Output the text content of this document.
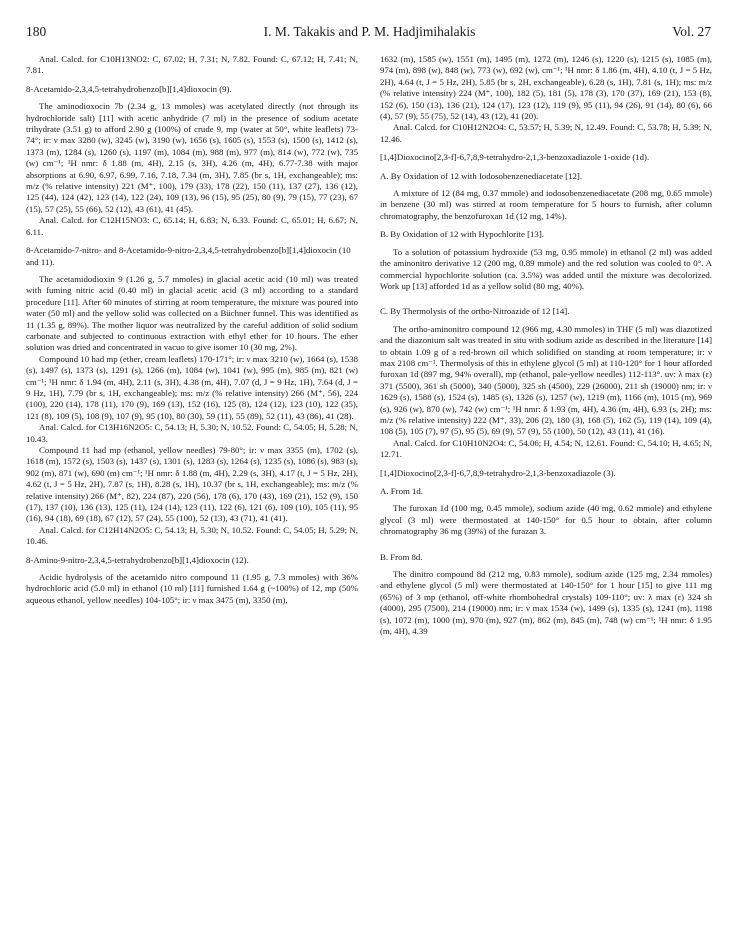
180	I. M. Takakis and P. M. Hadjimihalakis	Vol. 27

Anal. Calcd. for C10H13NO2: C, 67.02; H, 7.31; N, 7.82. Found: C, 67.12; H, 7.41; N, 7.81.

8-Acetamido-2,3,4,5-tetrahydrobenzo[b][1,4]dioxocin (9).

The aminodioxocin 7b (2.34 g, 13 mmoles) was acetylated directly (not through its hydrochloride salt) [11] with acetic anhydride (7 ml) in the presence of sodium acetate trihydrate (3.51 g) to afford 2.90 g (100%) of crude 9, mp (water at 50°, white leaflets) 73-74°; ir: ν max 3280 (w), 3245 (w), 3190 (w), 1656 (s), 1605 (s), 1553 (s), 1500 (s), 1412 (s), 1373 (m), 1284 (s), 1260 (s), 1197 (m), 1084 (m), 988 (m), 977 (m), 814 (w), 772 (w), 735 (w) cm⁻¹; ¹H nmr: δ 1.88 (m, 4H), 2.15 (s, 3H), 4.26 (m, 4H), 6.77-7.38 with major absorptions at 6.90, 6.97, 6.99, 7.16, 7.18, 7.34 (m, 3H), 7.85 (br s, 1H, exchangeable); ms: m/z (% relative intensity) 221 (M⁺, 100), 179 (33), 178 (22), 150 (11), 137 (27), 136 (12), 125 (44), 124 (42), 123 (14), 122 (24), 109 (13), 96 (15), 95 (25), 80 (9), 79 (15), 77 (23), 67 (15), 57 (25), 55 (66), 52 (12), 43 (61), 41 (45).

Anal. Calcd. for C12H15NO3: C, 65.14; H, 6.83; N, 6.33. Found: C, 65.01; H, 6.67; N, 6.11.

8-Acetamido-7-nitro- and 8-Acetamido-9-nitro-2,3,4,5-tetrahydrobenzo[b][1,4]dioxocin (10 and 11).

The acetamidodioxin 9 (1.26 g, 5.7 mmoles) in glacial acetic acid (10 ml) was treated with fuming nitric acid (0.40 ml) in glacial acetic acid (3 ml) according to a standard procedure [11]. After 60 minutes of stirring at room temperature, the mixture was poured into water (50 ml) and the yellow solid was collected on a Büchner funnel. This was identified as 11 (1.35 g, 89%). The mother liquor was neutralized by the careful addition of solid sodium carbonate and subjected to continuous extraction with ethyl ether for 10 hours. The ether solution was dried and concentrated in vacuo to give isomer 10 (30 mg, 2%).

Compound 10 had mp (ether, cream leaflets) 170-171°; ir: ν max 3210 (w), 1664 (s), 1538 (s), 1497 (s), 1373 (s), 1291 (s), 1266 (m), 1084 (w), 1041 (w), 995 (m), 985 (m), 821 (w) cm⁻¹; ¹H nmr: δ 1.94 (m, 4H), 2.11 (s, 3H), 4.38 (m, 4H), 7.07 (d, J = 9 Hz, 1H), 7.64 (d, J = 9 Hz, 1H), 7.79 (br s, 1H, exchangeable); ms: m/z (% relative intensity) 266 (M⁺, 56), 224 (100), 220 (14), 178 (11), 170 (9), 169 (13), 152 (16), 125 (8), 124 (12), 123 (10), 122 (35), 121 (8), 109 (5), 108 (9), 107 (9), 95 (10), 80 (30), 59 (11), 55 (89), 52 (11), 43 (86), 41 (28).

Anal. Calcd. for C13H16N2O5: C, 54.13; H, 5.30; N, 10.52. Found: C, 54.05; H, 5.28; N, 10.43.

Compound 11 had mp (ethanol, yellow needles) 79-80°; ir: ν max 3355 (m), 1702 (s), 1618 (m), 1572 (s), 1503 (s), 1437 (s), 1301 (s), 1283 (s), 1264 (s), 1235 (s), 1086 (s), 983 (s), 902 (m), 871 (w), 690 (m) cm⁻¹; ¹H nmr: δ 1.88 (m, 4H), 2.29 (s, 3H), 4.17 (t, J = 5 Hz, 2H), 4.62 (t, J = 5 Hz, 2H), 7.87 (s, 1H), 8.28 (s, 1H), 10.37 (br s, 1H, exchangeable); ms: m/z (% relative intensity) 266 (M⁺, 82), 224 (87), 220 (56), 178 (6), 170 (43), 169 (21), 152 (9), 150 (17), 137 (10), 136 (13), 125 (11), 124 (14), 123 (11), 122 (6), 121 (6), 109 (10), 105 (11), 95 (16), 94 (18), 69 (18), 67 (12), 57 (24), 55 (100), 52 (13), 43 (71), 41 (41).

Anal. Calcd. for C12H14N2O5: C, 54.13; H, 5.30; N, 10.52. Found: C, 54.05; H, 5.29; N, 10.46.

8-Amino-9-nitro-2,3,4,5-tetrahydrobenzo[b][1,4]dioxocin (12).

Acidic hydrolysis of the acetamido nitro compound 11 (1.95 g, 7.3 mmoles) with 36% hydrochloric acid (5.0 ml) in ethanol (10 ml) [11] furnished 1.64 g (~100%) of 12, mp (50% aqueous ethanol, yellow needles) 104-105°; ir: ν max 3475 (m), 3350 (m),

1632 (m), 1585 (w), 1551 (m), 1495 (m), 1272 (m), 1246 (s), 1220 (s), 1215 (s), 1085 (m), 974 (m), 898 (w), 848 (w), 773 (w), 692 (w), cm⁻¹; ¹H nmr: δ 1.86 (m, 4H), 4.10 (t, J = 5 Hz, 2H), 4.64 (t, J = 5 Hz, 2H), 5.85 (br s, 2H, exchangeable), 6.28 (s, 1H), 7.81 (s, 1H); ms: m/z (% relative intensity) 224 (M⁺, 100), 182 (5), 181 (5), 178 (3), 170 (37), 169 (21), 153 (8), 152 (6), 150 (13), 136 (21), 124 (17), 123 (12), 119 (9), 95 (11), 94 (26), 91 (14), 80 (6), 66 (4), 57 (9), 55 (75), 52 (14), 43 (12), 41 (20).

Anal. Calcd. for C10H12N2O4: C, 53.57; H, 5.39; N, 12.49. Found: C, 53.78; H, 5.39; N, 12.46.

[1,4]Dioxocino[2,3-f]-6,7,8,9-tetrahydro-2,1,3-benzoxadiazole 1-oxide (1d).

A. By Oxidation of 12 with Iodosobenzenediacetate [12].

A mixture of 12 (84 mg, 0.37 mmole) and iodosobenzenediacetate (208 mg, 0.65 mmole) in benzene (30 ml) was stirred at room temperature for 5 hours to furnish, after column chromatography, the benzofuroxan 1d (12 mg, 14%).

B. By Oxidation of 12 with Hypochlorite [13].

To a solution of potassium hydroxide (53 mg, 0.95 mmole) in ethanol (2 ml) was added the aminonitro derivative 12 (200 mg, 0.89 mmole) and the red solution was cooled to 0°. A commercial hypochlorite solution (ca. 3.5%) was added until the mixture was decolorized. Work up [13] afforded 1d as a yellow solid (80 mg, 40%).

C. By Thermolysis of the ortho-Nitroazide of 12 [14].

The ortho-aminonitro compound 12 (966 mg, 4.30 mmoles) in THF (5 ml) was diazotized and the diazonium salt was treated in situ with sodium azide as described in the literature [14] to obtain 1.09 g of a red-brown oil which solidified on standing at room temperature; ir: ν max 2108 cm⁻¹. Thermolysis of this in ethylene glycol (5 ml) at 110-120° for 1 hour afforded furoxan 1d (897 mg, 94% overall), mp (ethanol, pale-yellow needles) 112-113°. uv: λ max (ε) 371 (5500), 361 sh (5000), 340 (5000), 325 sh (4500), 229 (26000), 211 sh (19000) nm; ir: ν 1629 (s), 1588 (s), 1524 (s), 1485 (s), 1326 (s), 1257 (w), 1219 (m), 1166 (m), 1015 (m), 969 (s), 926 (w), 870 (w), 742 (w) cm⁻¹; ¹H nmr: δ 1.93 (m, 4H), 4.36 (m, 4H), 6.93 (s, 2H); ms: m/z (% relative intensity) 222 (M⁺, 33), 206 (2), 180 (3), 168 (5), 162 (5), 119 (14), 109 (4), 108 (5), 105 (7), 97 (5), 95 (5), 69 (9), 57 (9), 55 (100), 50 (12), 43 (11), 41 (16).

Anal. Calcd. for C10H10N2O4: C, 54.06; H, 4.54; N, 12.61. Found: C, 54.10; H, 4.65; N, 12.71.

[1,4]Dioxocino[2,3-f]-6,7,8,9-tetrahydro-2,1,3-benzoxadiazole (3).

A. From 1d.

The furoxan 1d (100 mg, 0.45 mmole), sodium azide (40 mg, 0.62 mmole) and ethylene glycol (3 ml) were thermostated at 140-150° for 0.5 hour to obtain, after column chromatography 36 mg (39%) of the furazan 3.

B. From 8d.

The dinitro compound 8d (212 mg, 0.83 mmole), sodium azide (125 mg, 2.34 mmoles) and ethylene glycol (5 ml) were thermostated at 140-150° for 1 hour [15] to give 111 mg (65%) of 3 mp (ethanol, off-white rhombohedral crystals) 109-110°; uv: λ max (ε) 324 sh (4000), 295 (7500), 214 (19000) nm; ir: ν max 1534 (w), 1499 (s), 1335 (s), 1241 (m), 1198 (s), 1072 (m), 1000 (m), 970 (m), 927 (m), 862 (m), 845 (m), 748 (w) cm⁻¹; ¹H nmr: δ 1.95 (m, 4H), 4.39
